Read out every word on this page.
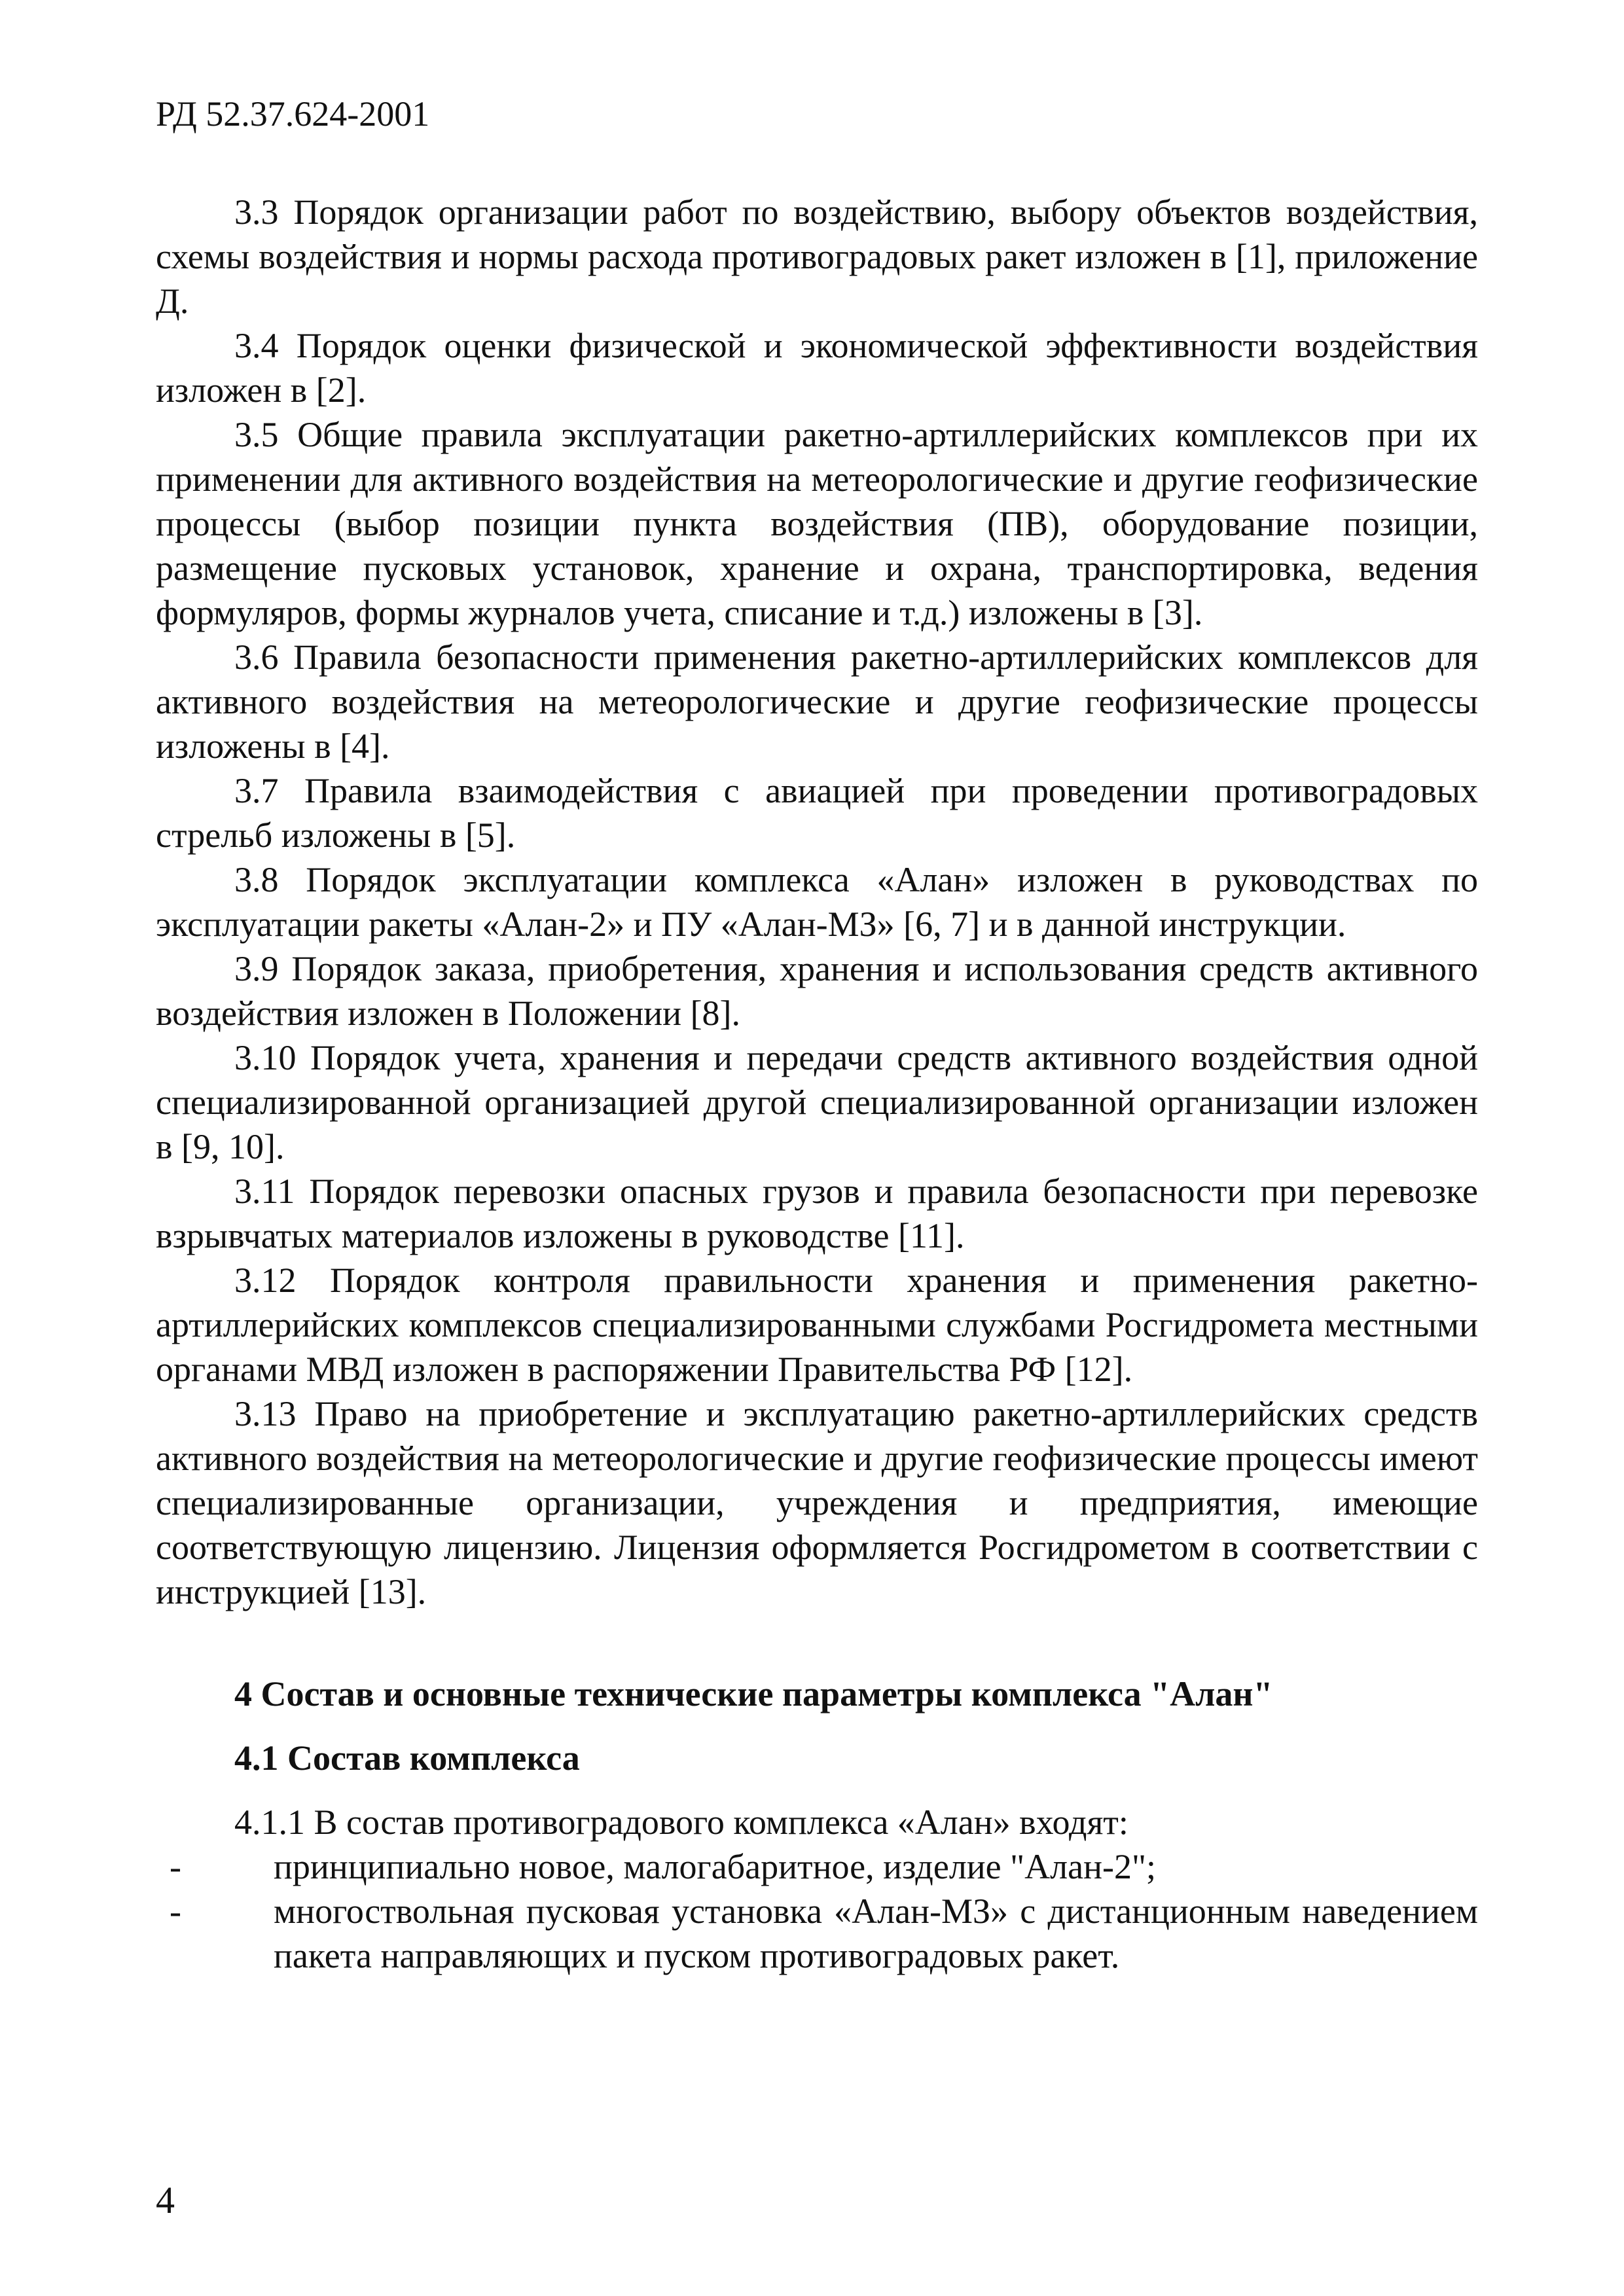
РД 52.37.624-2001

3.3 Порядок организации работ по воздействию, выбору объектов воздействия, схемы воздействия и нормы расхода противоградовых ракет изложен в [1], приложение Д.

3.4 Порядок оценки физической и экономической эффективности воздействия изложен в [2].

3.5 Общие правила эксплуатации ракетно-артиллерийских комплексов при их применении для активного воздействия на метеорологические и другие геофизические процессы (выбор позиции пункта воздействия (ПВ), оборудование позиции, размещение пусковых установок, хранение и охрана, транспортировка, ведения формуляров, формы журналов учета, списание и т.д.) изложены в [3].

3.6 Правила безопасности применения ракетно-артиллерийских комплексов для активного воздействия на метеорологические и другие геофизические процессы изложены в [4].

3.7 Правила взаимодействия с авиацией при проведении противоградовых стрельб изложены в [5].

3.8 Порядок эксплуатации комплекса «Алан» изложен в руководствах по эксплуатации ракеты «Алан-2» и ПУ «Алан-МЗ» [6, 7] и в данной инструкции.

3.9 Порядок заказа, приобретения, хранения и использования средств активного воздействия изложен в Положении [8].

3.10 Порядок учета, хранения и передачи средств активного воздействия одной специализированной организацией другой специализированной организации изложен в [9, 10].

3.11 Порядок перевозки опасных грузов и правила безопасности при перевозке взрывчатых материалов изложены в руководстве [11].

3.12 Порядок контроля правильности хранения и применения ракетно-артиллерийских комплексов специализированными службами Росгидромета местными органами МВД изложен в распоряжении Правительства РФ [12].

3.13 Право на приобретение и эксплуатацию ракетно-артиллерийских средств активного воздействия на метеорологические и другие геофизические процессы имеют специализированные организации, учреждения и предприятия, имеющие соответствующую лицензию. Лицензия оформляется Росгидрометом в соответствии с инструкцией [13].

4 Состав и основные технические параметры комплекса "Алан"
4.1 Состав комплекса

4.1.1 В состав противоградового комплекса «Алан» входят:

-	принципиально новое, малогабаритное, изделие "Алан-2";
-	многоствольная пусковая установка «Алан-МЗ» с дистанционным наведением пакета направляющих и пуском противоградовых ракет.

4
